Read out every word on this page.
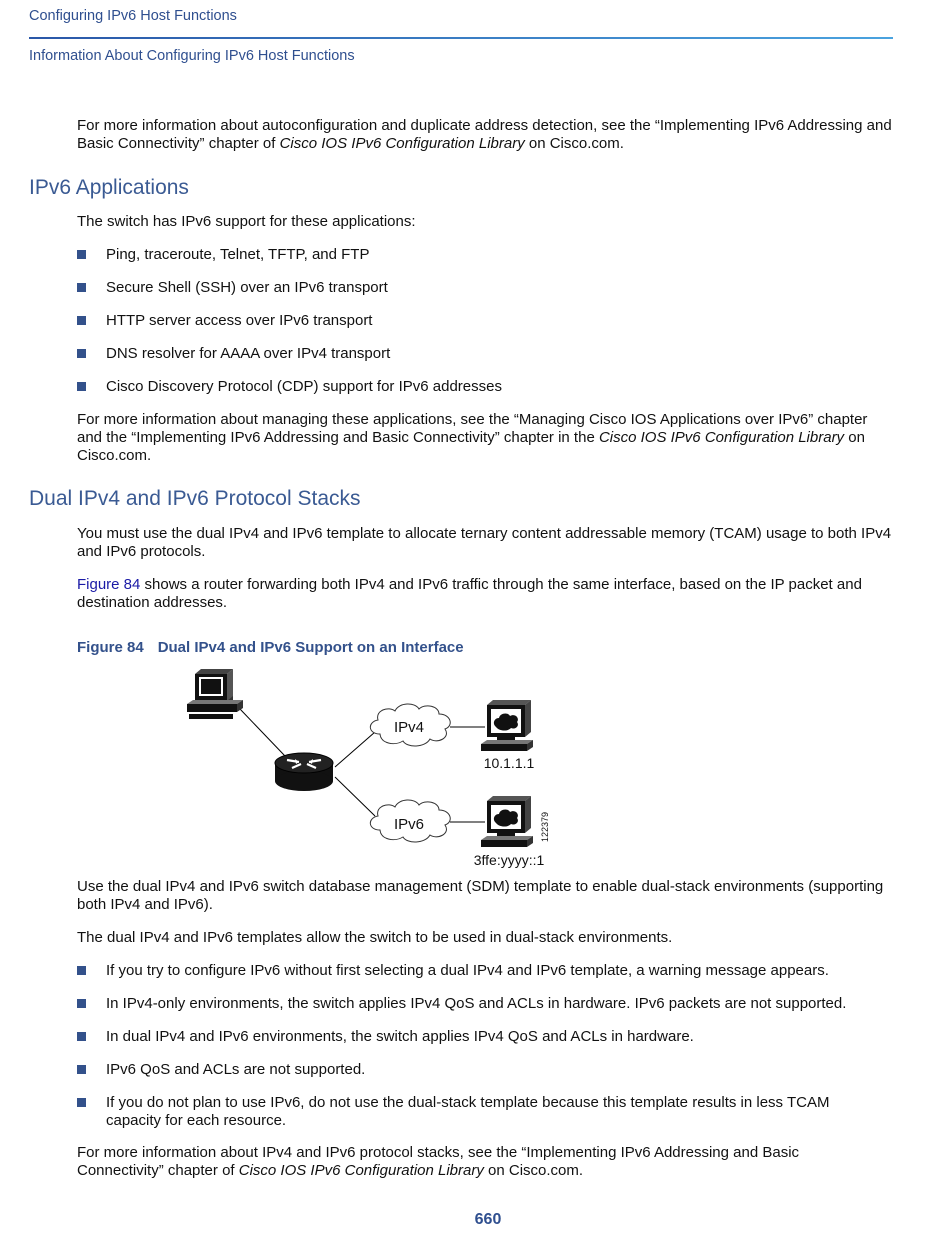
Configuring IPv6 Host Functions
Information About Configuring IPv6 Host Functions

For more information about autoconfiguration and duplicate address detection, see the “Implementing IPv6 Addressing and Basic Connectivity” chapter of Cisco IOS IPv6 Configuration Library on Cisco.com.

IPv6 Applications
The switch has IPv6 support for these applications:
Ping, traceroute, Telnet, TFTP, and FTP
Secure Shell (SSH) over an IPv6 transport
HTTP server access over IPv6 transport
DNS resolver for AAAA over IPv4 transport
Cisco Discovery Protocol (CDP) support for IPv6 addresses

For more information about managing these applications, see the “Managing Cisco IOS Applications over IPv6” chapter and the “Implementing IPv6 Addressing and Basic Connectivity” chapter in the Cisco IOS IPv6 Configuration Library on Cisco.com.

Dual IPv4 and IPv6 Protocol Stacks
You must use the dual IPv4 and IPv6 template to allocate ternary content addressable memory (TCAM) usage to both IPv4 and IPv6 protocols.

Figure 84 shows a router forwarding both IPv4 and IPv6 traffic through the same interface, based on the IP packet and destination addresses.

Figure 84 Dual IPv4 and IPv6 Support on an Interface
IPv4
IPv6
10.1.1.1
3ffe:yyyy::1
122379
Use the dual IPv4 and IPv6 switch database management (SDM) template to enable dual-stack environments (supporting both IPv4 and IPv6).
The dual IPv4 and IPv6 templates allow the switch to be used in dual-stack environments.
If you try to configure IPv6 without first selecting a dual IPv4 and IPv6 template, a warning message appears.
In IPv4-only environments, the switch applies IPv4 QoS and ACLs in hardware. IPv6 packets are not supported.
In dual IPv4 and IPv6 environments, the switch applies IPv4 QoS and ACLs in hardware.
IPv6 QoS and ACLs are not supported.
If you do not plan to use IPv6, do not use the dual-stack template because this template results in less TCAM capacity for each resource.

For more information about IPv4 and IPv6 protocol stacks, see the “Implementing IPv6 Addressing and Basic Connectivity” chapter of Cisco IOS IPv6 Configuration Library on Cisco.com.

660
